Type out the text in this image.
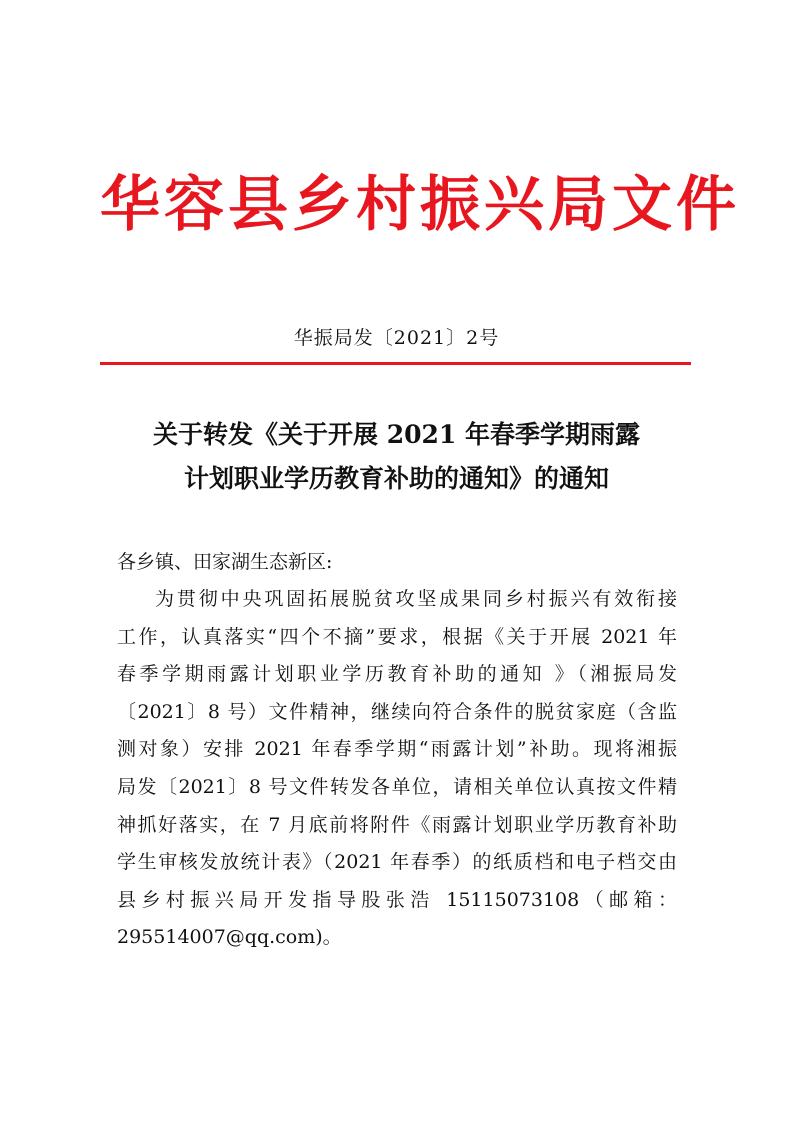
华容县乡村振兴局文件
华振局发〔2021〕2号
关于转发《关于开展 2021 年春季学期雨露
计划职业学历教育补助的通知》的通知
各乡镇、田家湖生态新区:
为贯彻中央巩固拓展脱贫攻坚成果同乡村振兴有效衔接
工作，认真落实“四个不摘”要求，根据《关于开展 2021 年
春季学期雨露计划职业学历教育补助的通知 》（湘振局发
〔2021〕8 号）文件精神，继续向符合条件的脱贫家庭（含监
测对象）安排 2021 年春季学期“雨露计划”补助。现将湘振
局发〔2021〕8 号文件转发各单位，请相关单位认真按文件精
神抓好落实，在 7 月底前将附件《雨露计划职业学历教育补助
学生审核发放统计表》（2021 年春季）的纸质档和电子档交由
县乡村振兴局开发指导股张浩 15115073108（邮箱：
295514007@qq.com)。
